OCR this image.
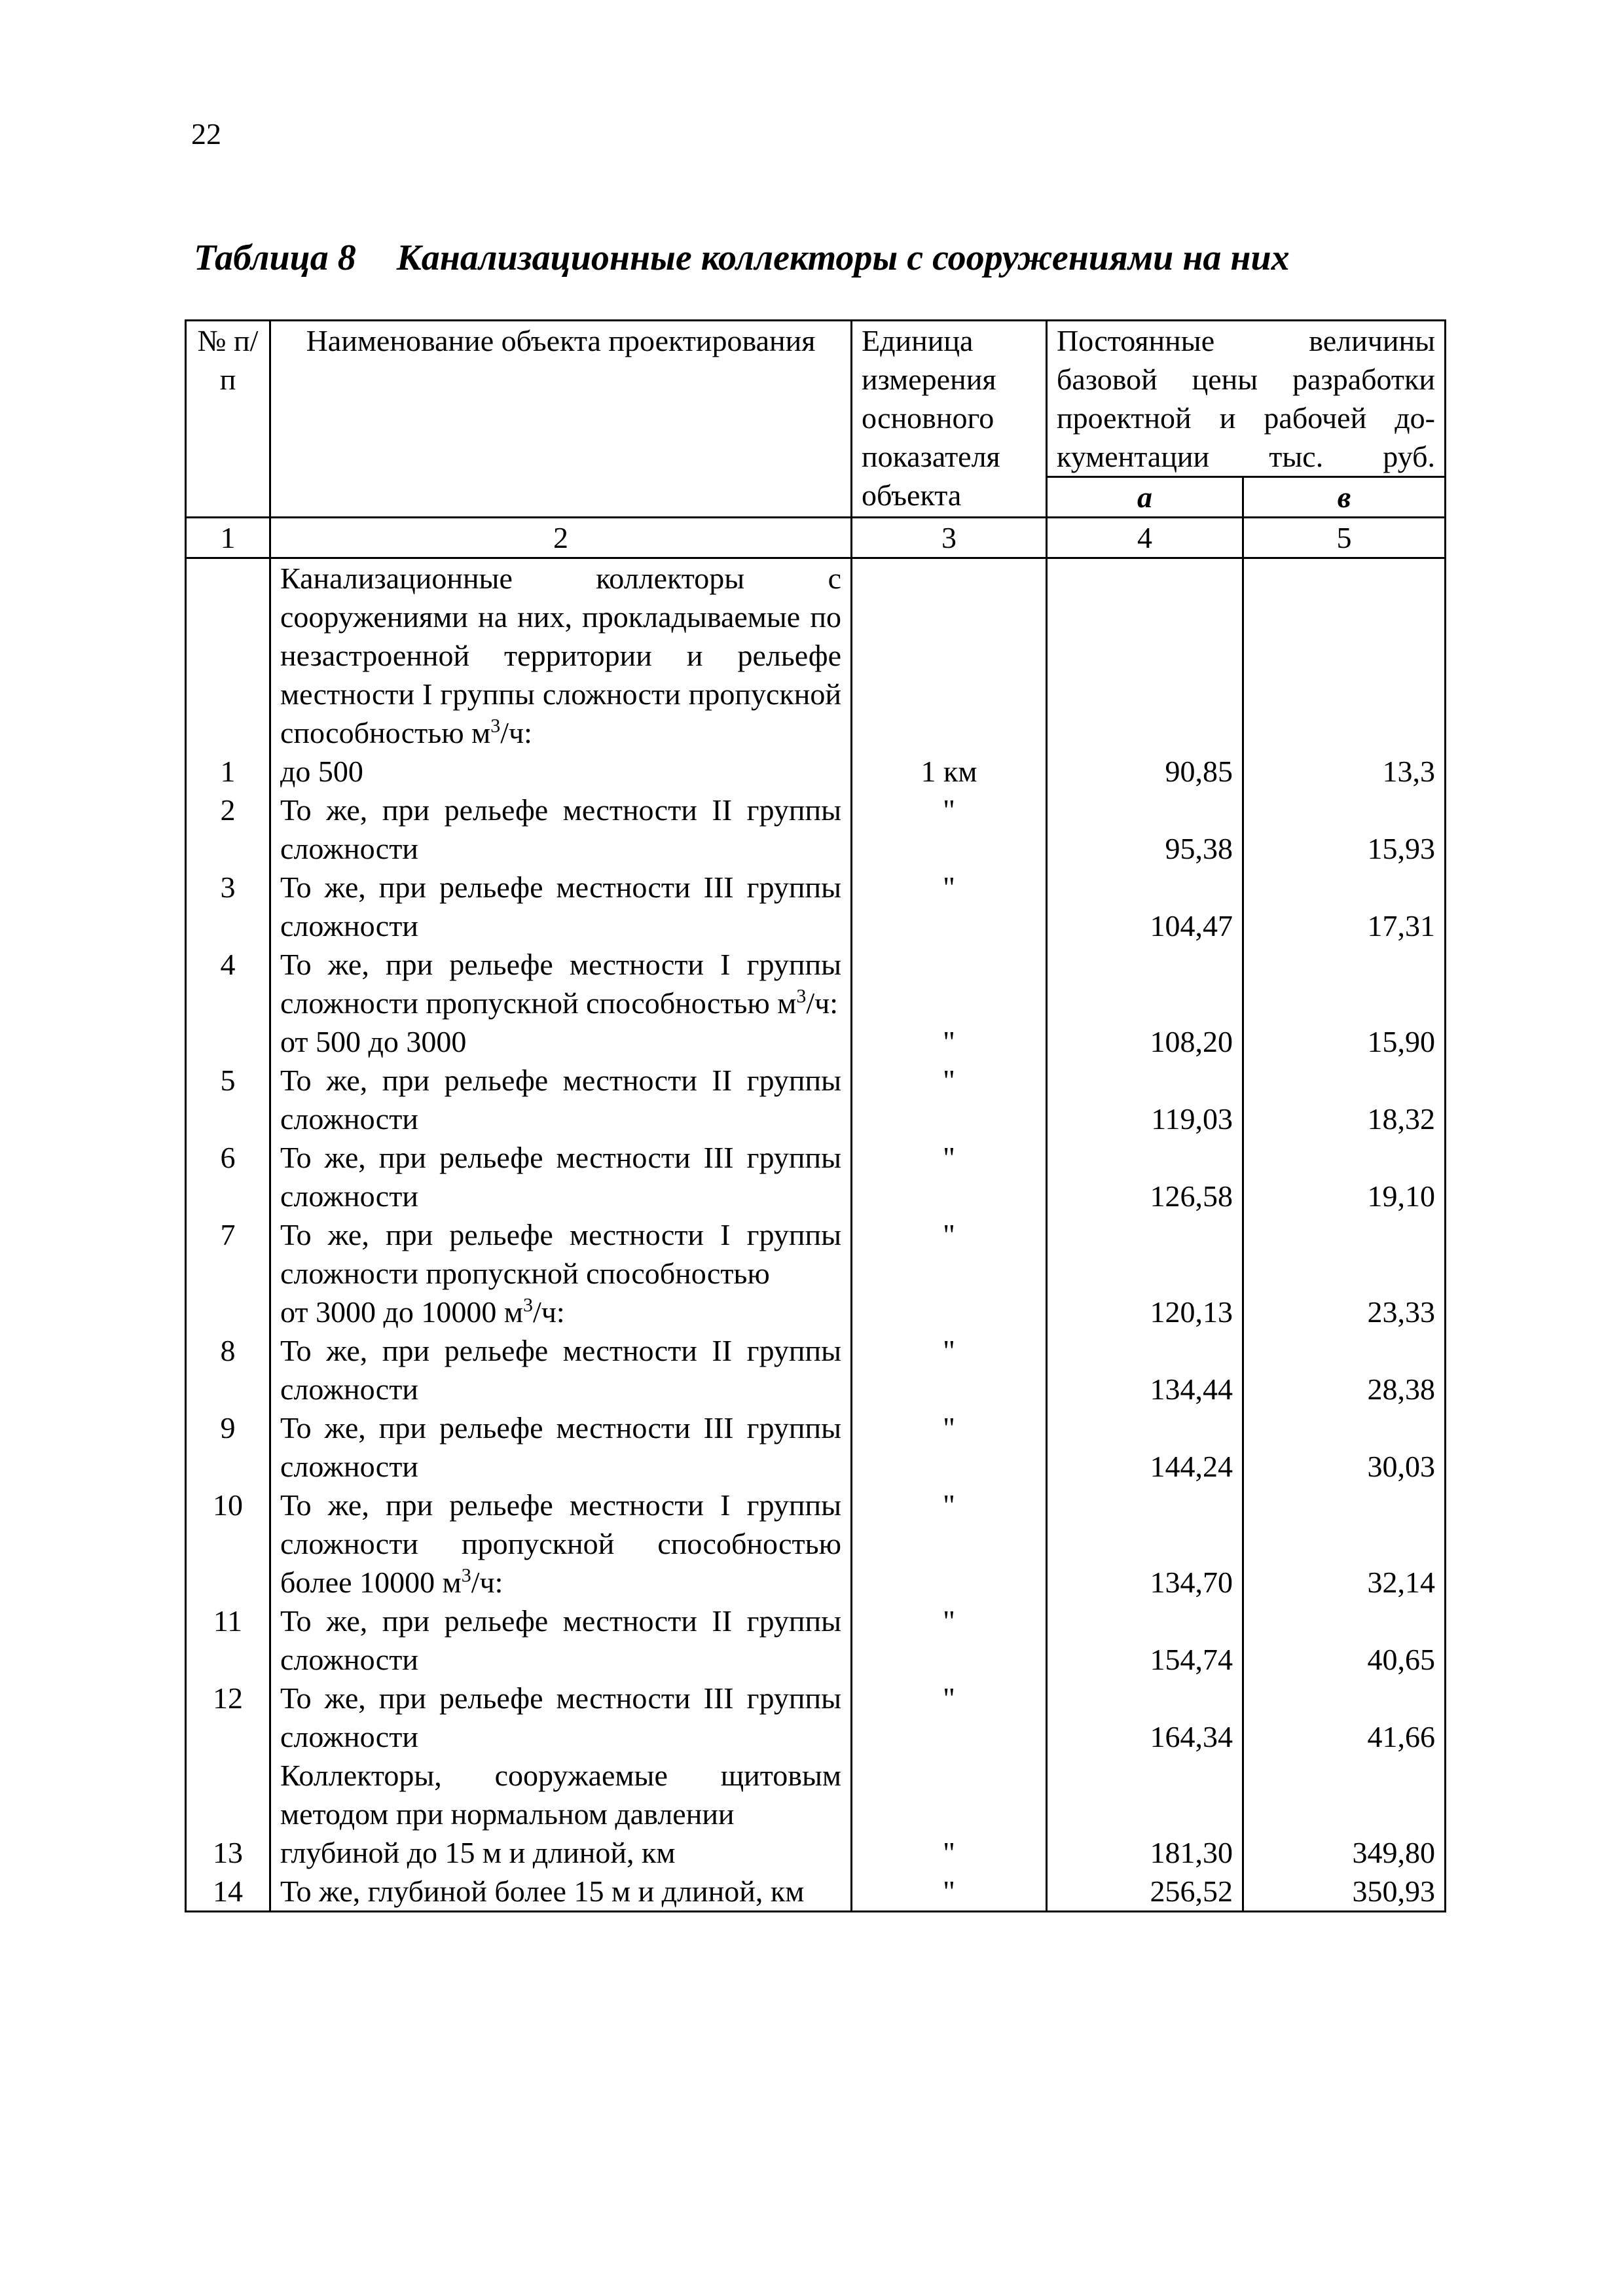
22
Таблица 8 Канализационные коллекторы с сооружениями на них
№ п/п	Наименование объекта проектирования	Единица измерения основного показателя объекта	Постоянные величины
базовой цены разработки
проектной и рабочей до-
кументации тыс. руб.	

			а	в
1	2	3	4	5
	Канализационные коллекторы с сооружениями на них, прокладываемые по незастроенной территории и рельефе местности I группы сложности пропускной способностью $м^3/ч$:			
1	до 500	1 км	90,85	13,3
2	То же, при рельефе местности II группы сложности	"	95,38	15,93
3	То же, при рельефе местности III группы сложности	"	104,47	17,31
4	То же, при рельефе местности I группы сложности пропускной способностью $м^3/ч$:			
	от 500 до 3000	"	108,20	15,90
5	То же, при рельефе местности II группы сложности	"	119,03	18,32
6	То же, при рельефе местности III группы сложности	"	126,58	19,10
7	То же, при рельефе местности I группы сложности пропускной способностью	"		
	от 3000 до 10000 $м^3/ч$:		120,13	23,33
8	То же, при рельефе местности II группы сложности	"	134,44	28,38
9	То же, при рельефе местности III группы сложности	"	144,24	30,03
10	То же, при рельефе местности I группы сложности пропускной способностью более 10000 $м^3/ч$:	"	134,70	32,14
11	То же, при рельефе местности II группы сложности	"	154,74	40,65
12	То же, при рельефе местности III группы сложности	"	164,34	41,66
	Коллекторы, сооружаемые щитовым методом при нормальном давлении			
13	глубиной до 15 м и длиной, км	"	181,30	349,80
14	То же, глубиной более 15 м и длиной, км	"	256,52	350,93
